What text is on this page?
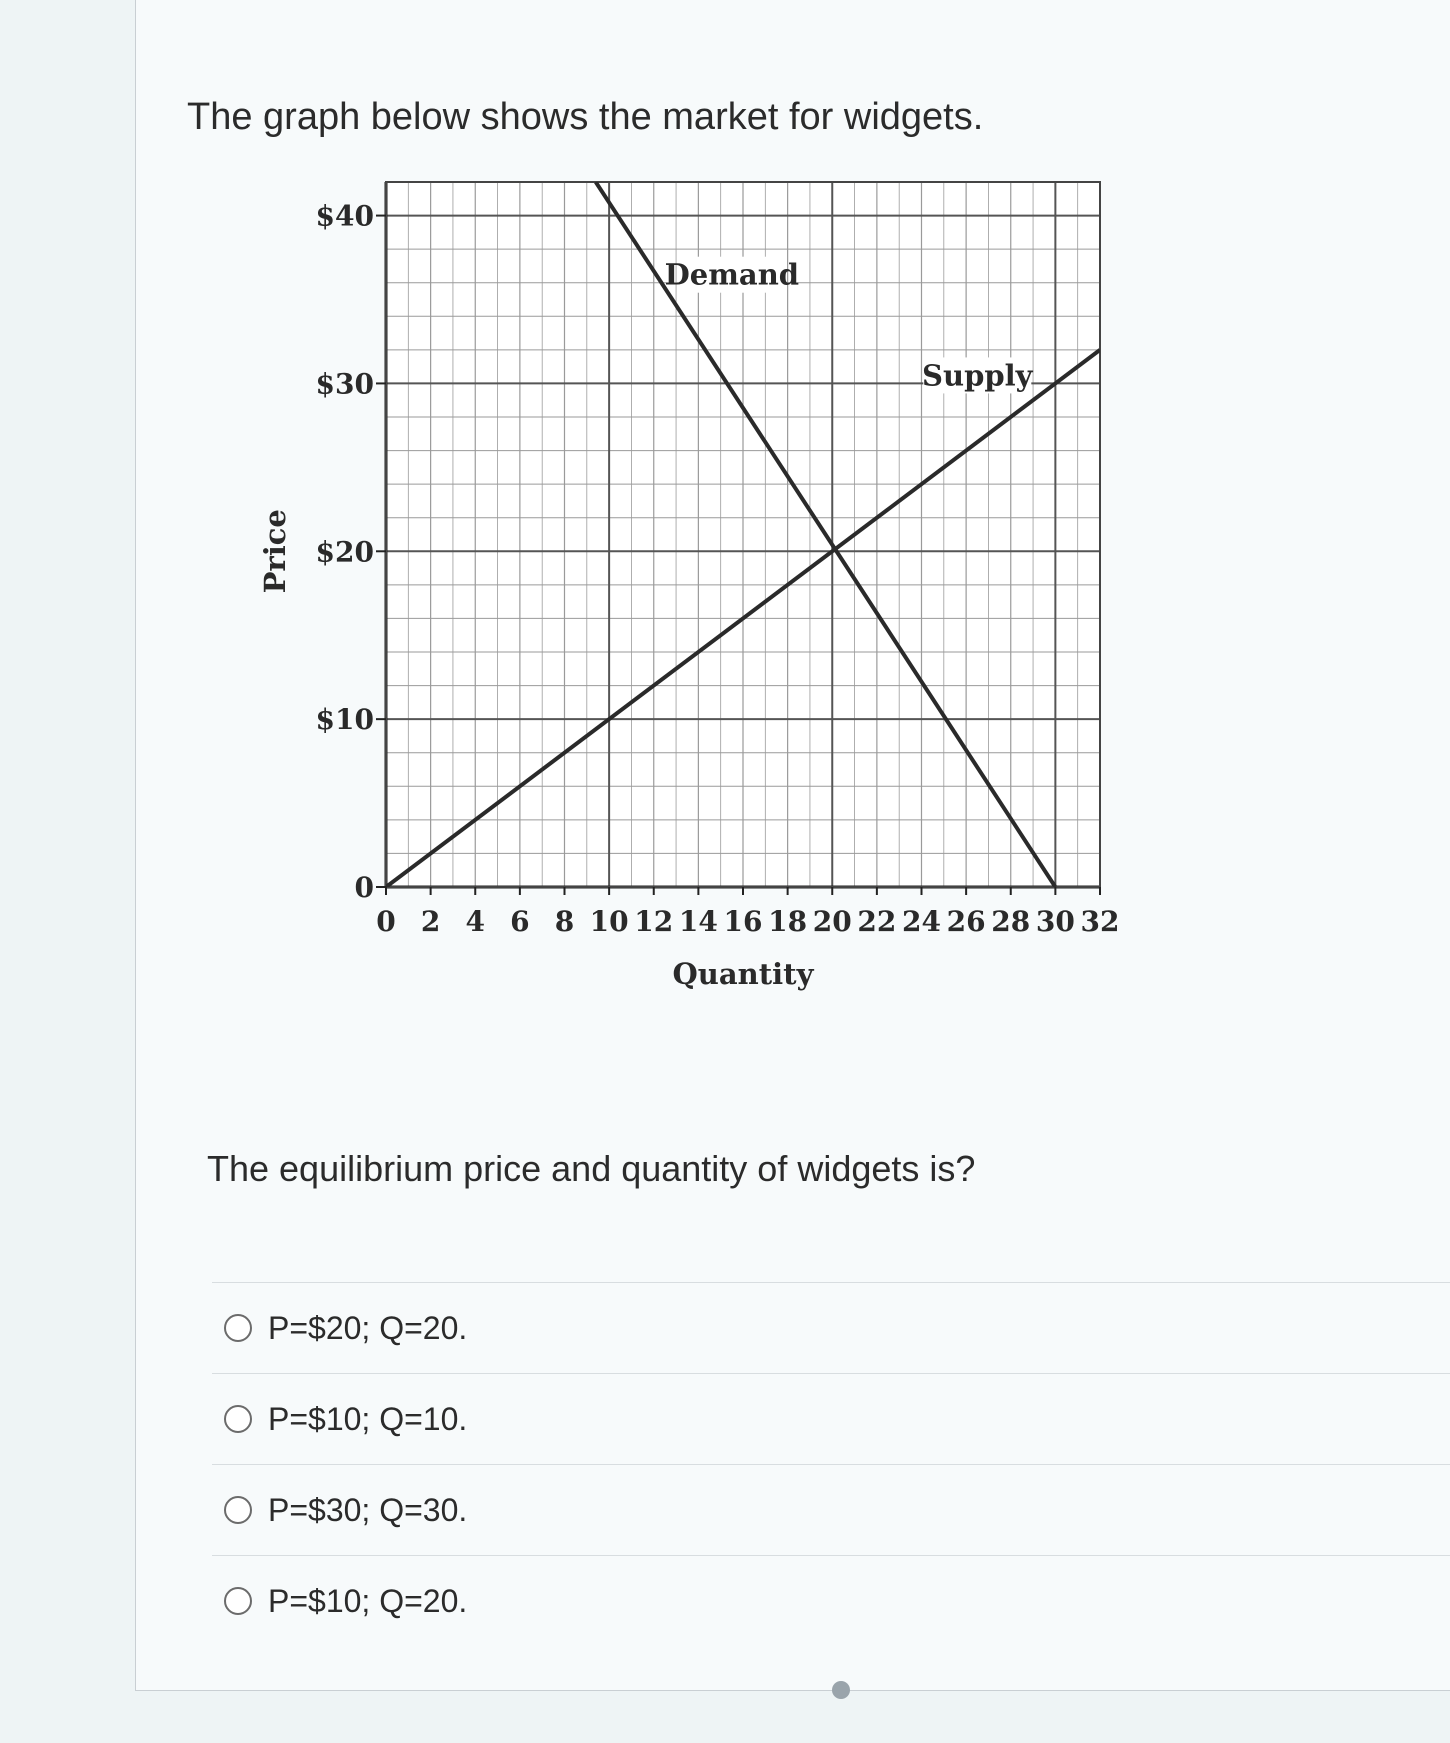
The graph below shows the market for widgets.
0 2 4 6 8 10 12 14 16 18 20 22 24 26 28 30 32
0
$10
$20
$30
$40
Quantity
Price
Demand
Supply
The equilibrium price and quantity of widgets is?
P=$20; Q=20.
P=$10; Q=10.
P=$30; Q=30.
P=$10; Q=20.
